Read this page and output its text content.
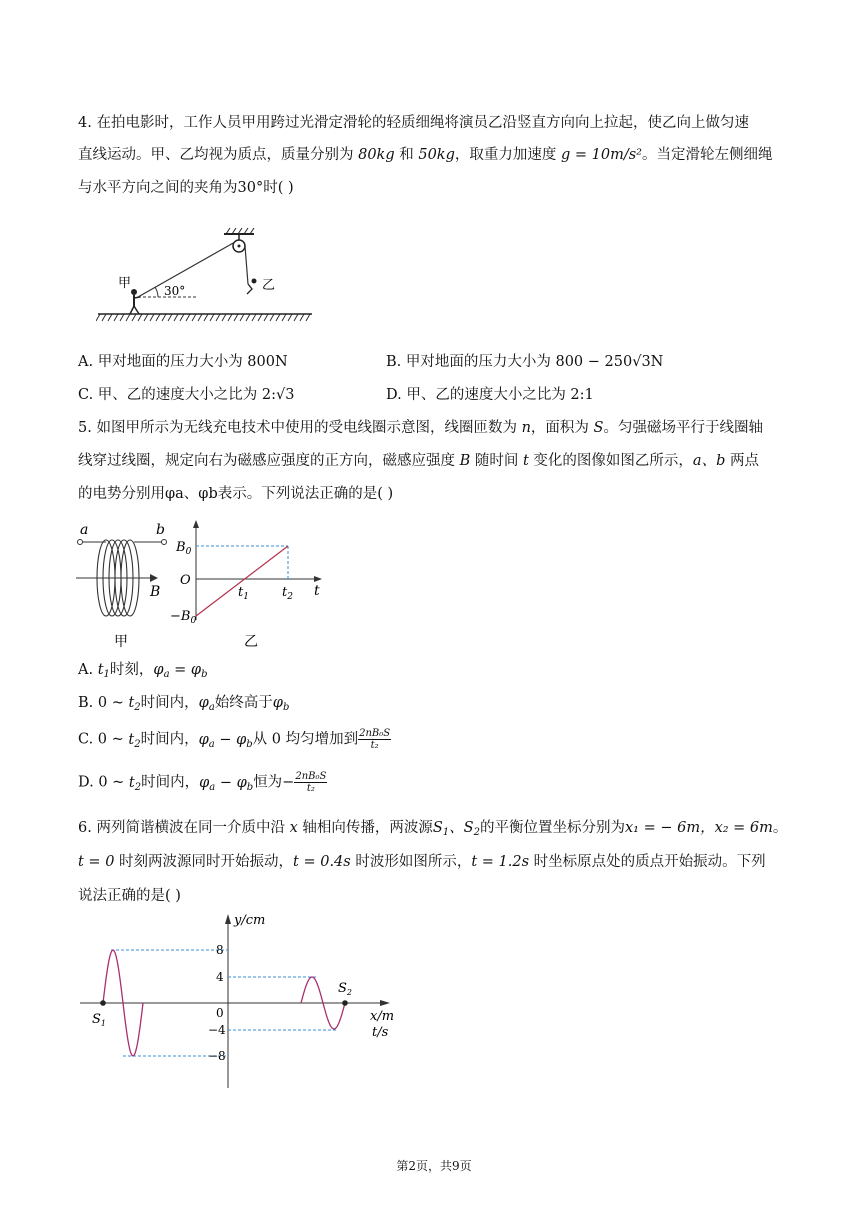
4. 在拍电影时，工作人员甲用跨过光滑定滑轮的轻质细绳将演员乙沿竖直方向向上拉起，使乙向上做匀速
直线运动。甲、乙均视为质点，质量分别为 80kg 和 50kg，取重力加速度 g = 10m/s²。当定滑轮左侧细绳
与水平方向之间的夹角为30°时( )
乙
甲	30°
A. 甲对地面的压力大小为 800N	B. 甲对地面的压力大小为 800 − 250√3N
C. 甲、乙的速度大小之比为 2:√3	D. 甲、乙的速度大小之比为 2:1
5. 如图甲所示为无线充电技术中使用的受电线圈示意图，线圈匝数为 n，面积为 S。匀强磁场平行于线圈轴
线穿过线圈，规定向右为磁感应强度的正方向，磁感应强度 B 随时间 t 变化的图像如图乙所示，a、b 两点
的电势分别用φa、φb表示。下列说法正确的是( )
a	b
B
甲
$B_0$
O
$-B_0$
$t_1$	$t_2$ t
乙
A. $t_1$时刻，$\varphi_a = \varphi_b$
B. 0 ~ $t_2$时间内，$\varphi_a$始终高于$\varphi_b$
C. 0 ~ $t_2$时间内，$\varphi_a - \varphi_b$从 0 均匀增加到 $\frac{\text{2nB₀S}}{\text{t₂}}$
D. 0 ~ $t_2$时间内，$\varphi_a - \varphi_b$恒为− $\frac{\text{2nB₀S}}{\text{t₂}}$
6. 两列简谐横波在同一介质中沿 x 轴相向传播，两波源$S_1$、$S_2$的平衡位置坐标分别为x₁ = − 6m，x₂ = 6m。
t = 0 时刻两波源同时开始振动，t = 0.4s 时波形如图所示，t = 1.2s 时坐标原点处的质点开始振动。下列
说法正确的是( )
y/cm
8
4
0
−4
−8
$S_1$
$S_2$
x/m
t/s
第2页，共9页
